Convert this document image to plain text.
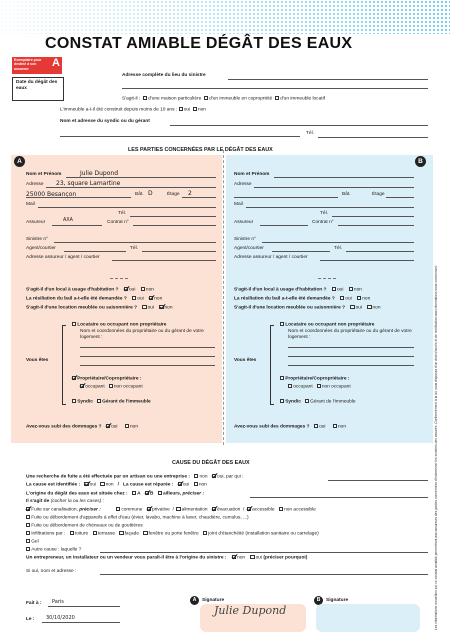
CONSTAT AMIABLE DÉGÂT DES EAUX
Exemplaire pour destiné à son assureur	A
Date du dégât des eaux
Adresse complète du lieu du sinistre
S'agit-il : d'une maison particulière d'un immeuble en copropriété d'un immeuble locatif
L'immeuble a-t-il été construit depuis moins de 10 ans : oui non
Nom et adresse du syndic ou du gérant
Tél.
LES PARTIES CONCERNÉES PAR LE DÉGÂT DES EAUX
A	B
Nom et Prénom	Julie Dupond
Adresse 23, square Lamartine
25000 Besançon	Bât. D	Étage 2
Mail
Tél.
Assureur	AXA	Contrat n°
Sinistre n°
Agent/courtier	Tél.
Adresse assureur / agent / courtier
S'agit-il d'un local à usage d'habitation ? oui non
La résiliation du bail a-t-elle été demandée ? oui non
S'agit-il d'une location meublée ou saisonnière ? oui non
Vous êtes
Locataire ou occupant non propriétaire
Nom et coordonnées du propriétaire ou du gérant de votre logement :
Propriétaire/Copropriétaire :
occupant non occupant
Syndic Gérant de l'immeuble
Avez-vous subi des dommages ? oui	non
Nom et Prénom
Adresse
Bât.	Étage
Mail
Tél.
Assureur	Contrat n°
Sinistre n°
Agent/courtier	Tél.
Adresse assureur / agent / courtier
S'agit-il d'un local à usage d'habitation ? oui non
La résiliation du bail a-t-elle été demandée ? oui non
S'agit-il d'une location meublée ou saisonnière ? oui non
Vous êtes
Locataire ou occupant non propriétaire
Nom et coordonnées du propriétaire ou du gérant de votre logement :
Propriétaire/Copropriétaire :
occupant non occupant
Syndic Gérant de l'immeuble
Avez-vous subi des dommages ? oui	non
CAUSE DU DÉGÂT DES EAUX
Une recherche de fuite a été effectuée par un artisan ou une entreprise : non oui, par qui :
La cause est identifiée : oui non   /   La cause est réparée : oui non
L'origine du dégât des eaux est située chez : A B ailleurs, préciser :
Il s'agit de (cocher la ou les cases) :
Fuite sur canalisation, préciser :	commune privative  /  alimentation évacuation  /  accessible non accessible
Fuite ou débordement d'appareils à effet d'eau (évier, lavabo, machine à laver, chaudière, cumulus, ...)
Fuite ou débordement de chéneaux ou de gouttières
Infiltrations par : toiture terrasse façade fenêtre ou porte fenêtre joint d'étanchéité (installation sanitaire ou carrelage)
Gel
Autre cause : laquelle ?
Un entrepreneur, un installateur ou un vendeur vous paraît-il être à l'origine du sinistre : non oui (préciser pourquoi)
Si oui, nom et adresse :
Fait à : Paris
Le : 30/10/2020
A	Signature
Julie Dupond
B	Signature	Les informations recueillies sur ce constat amiable permettront aux assureurs des parties concernées d'indemniser les sinistres des assurés. Conformément à la loi, vous disposez d'un droit d'accès et de rectification aux informations vous concernant.
